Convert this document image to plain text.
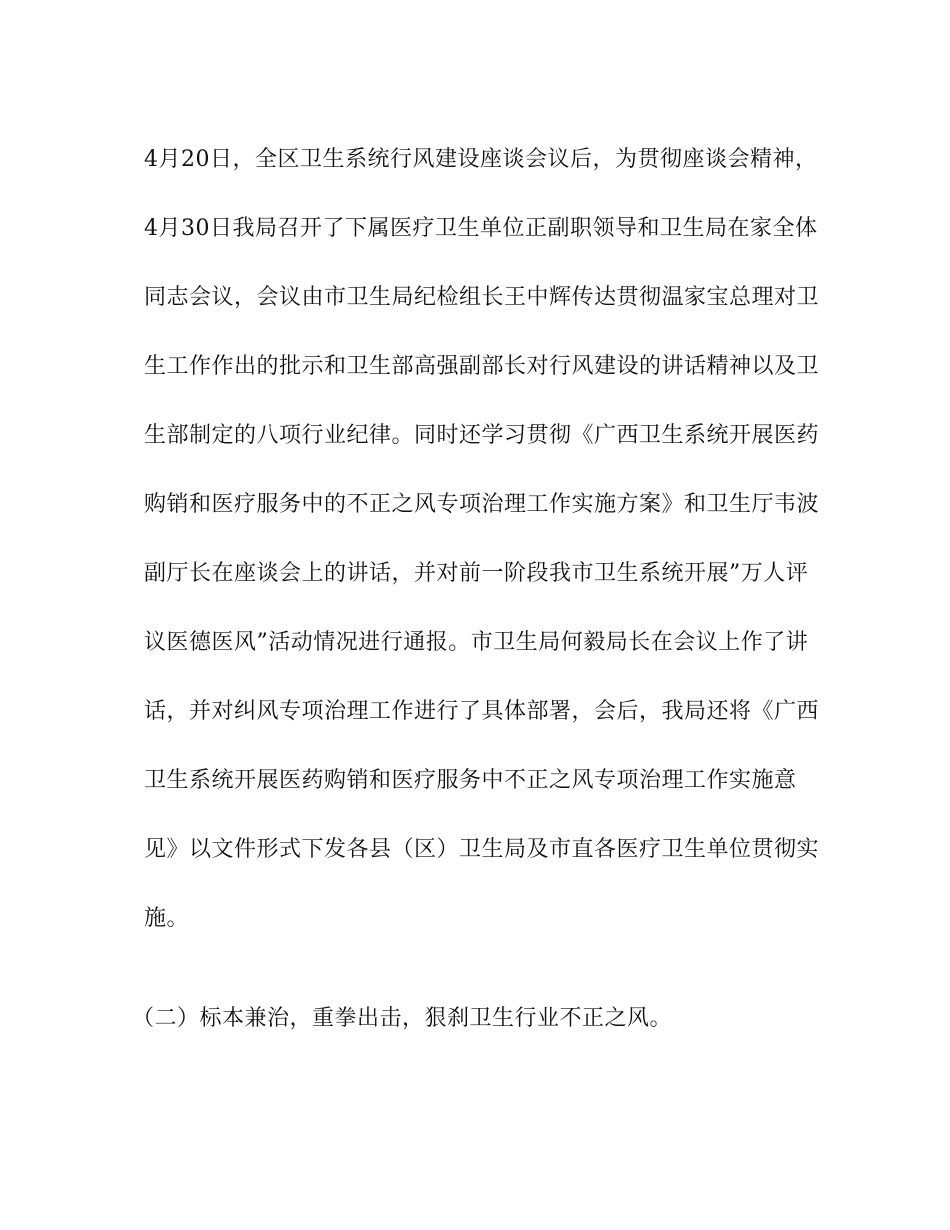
4月20日，全区卫生系统行风建设座谈会议后，为贯彻座谈会精神，
4月30日我局召开了下属医疗卫生单位正副职领导和卫生局在家全体
同志会议，会议由市卫生局纪检组长王中辉传达贯彻温家宝总理对卫
生工作作出的批示和卫生部高强副部长对行风建设的讲话精神以及卫
生部制定的八项行业纪律。同时还学习贯彻《广西卫生系统开展医药
购销和医疗服务中的不正之风专项治理工作实施方案》和卫生厅韦波
副厅长在座谈会上的讲话，并对前一阶段我市卫生系统开展”万人评
议医德医风”活动情况进行通报。市卫生局何毅局长在会议上作了讲
话，并对纠风专项治理工作进行了具体部署，会后，我局还将《广西
卫生系统开展医药购销和医疗服务中不正之风专项治理工作实施意
见》以文件形式下发各县（区）卫生局及市直各医疗卫生单位贯彻实
施。
（二）标本兼治，重拳出击，狠刹卫生行业不正之风。
